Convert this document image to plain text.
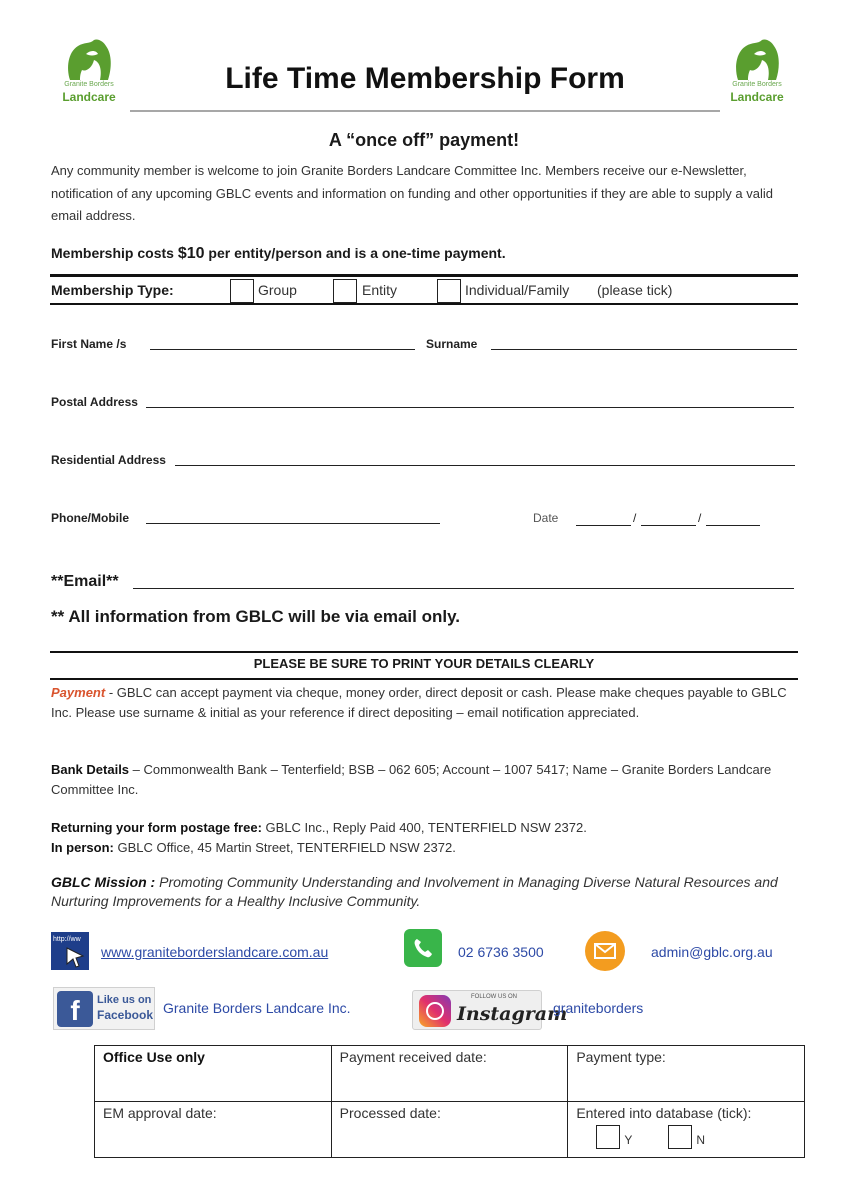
Granite Borders
Landcare
Granite Borders
Landcare
Life Time Membership Form
A “once off” payment!
Any community member is welcome to join Granite Borders Landcare Committee Inc. Members receive our e-Newsletter, notification of any upcoming GBLC events and information on funding and other opportunities if they are able to supply a valid email address.
Membership costs $10 per entity/person and is a one-time payment.
Membership Type:	Group	Entity	Individual/Family (please tick)
First Name /s	Surname
Postal Address
Residential Address
Phone/Mobile	Date	/	/
**Email**
** All information from GBLC will be via email only.
PLEASE BE SURE TO PRINT YOUR DETAILS CLEARLY
Payment - GBLC can accept payment via cheque, money order, direct deposit or cash. Please make cheques payable to GBLC Inc. Please use surname & initial as your reference if direct depositing – email notification appreciated.
Bank Details – Commonwealth Bank – Tenterfield; BSB – 062 605; Account – 1007 5417; Name – Granite Borders Landcare Committee Inc.
Returning your form postage free: GBLC Inc., Reply Paid 400, TENTERFIELD NSW 2372.
In person: GBLC Office, 45 Martin Street, TENTERFIELD NSW 2372.
GBLC Mission : Promoting Community Understanding and Involvement in Managing Diverse Natural Resources and Nurturing Improvements for a Healthy Inclusive Community.
http://ww
www.graniteborderslandcare.com.au	02 6736 3500	admin@gblc.org.au
f	Like us on
Facebook Granite Borders Landcare Inc.
FOLLOW US ON
Instagram
graniteborders
Office Use only	Payment received date:	Payment type:
EM approval date:	Processed date:	Entered into database (tick):
Y N
